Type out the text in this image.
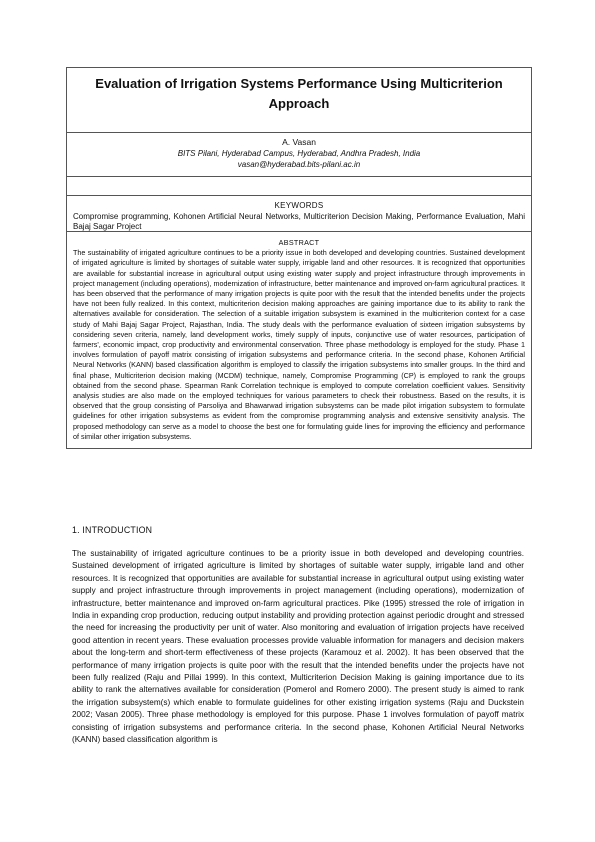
Evaluation of Irrigation Systems Performance Using Multicriterion Approach
A. Vasan
BITS Pilani, Hyderabad Campus, Hyderabad, Andhra Pradesh, India
vasan@hyderabad.bits-pilani.ac.in
KEYWORDS
Compromise programming, Kohonen Artificial Neural Networks, Multicriterion Decision Making, Performance Evaluation, Mahi Bajaj Sagar Project
ABSTRACT
The sustainability of irrigated agriculture continues to be a priority issue in both developed and developing countries. Sustained development of irrigated agriculture is limited by shortages of suitable water supply, irrigable land and other resources. It is recognized that opportunities are available for substantial increase in agricultural output using existing water supply and project infrastructure through improvements in project management (including operations), modernization of infrastructure, better maintenance and improved on-farm agricultural practices. It has been observed that the performance of many irrigation projects is quite poor with the result that the intended benefits under the projects have not been fully realized. In this context, multicriterion decision making approaches are gaining importance due to its ability to rank the alternatives available for consideration. The selection of a suitable irrigation subsystem is examined in the multicriterion context for a case study of Mahi Bajaj Sagar Project, Rajasthan, India. The study deals with the performance evaluation of sixteen irrigation subsystems by considering seven criteria, namely, land development works, timely supply of inputs, conjunctive use of water resources, participation of farmers', economic impact, crop productivity and environmental conservation. Three phase methodology is employed for the study. Phase 1 involves formulation of payoff matrix consisting of irrigation subsystems and performance criteria. In the second phase, Kohonen Artificial Neural Networks (KANN) based classification algorithm is employed to classify the irrigation subsystems into smaller groups. In the third and final phase, Multicriterion decision making (MCDM) technique, namely, Compromise Programming (CP) is employed to rank the groups obtained from the second phase. Spearman Rank Correlation technique is employed to compute correlation coefficient values. Sensitivity analysis studies are also made on the employed techniques for various parameters to check their robustness. Based on the results, it is observed that the group consisting of Parsoliya and Bhawarwad irrigation subsystems can be made pilot irrigation subsystem to formulate guidelines for other irrigation subsystems as evident from the compromise programming analysis and extensive sensitivity analysis. The proposed methodology can serve as a model to choose the best one for formulating guide lines for improving the efficiency and performance of similar other irrigation subsystems.
1. INTRODUCTION
The sustainability of irrigated agriculture continues to be a priority issue in both developed and developing countries. Sustained development of irrigated agriculture is limited by shortages of suitable water supply, irrigable land and other resources. It is recognized that opportunities are available for substantial increase in agricultural output using existing water supply and project infrastructure through improvements in project management (including operations), modernization of infrastructure, better maintenance and improved on-farm agricultural practices. Pike (1995) stressed the role of irrigation in India in expanding crop production, reducing output instability and providing protection against periodic drought and stressed the need for increasing the productivity per unit of water. Also monitoring and evaluation of irrigation projects have received good attention in recent years. These evaluation processes provide valuable information for managers and decision makers about the long-term and short-term effectiveness of these projects (Karamouz et al. 2002). It has been observed that the performance of many irrigation projects is quite poor with the result that the intended benefits under the projects have not been fully realized (Raju and Pillai 1999). In this context, Multicriterion Decision Making is gaining importance due to its ability to rank the alternatives available for consideration (Pomerol and Romero 2000). The present study is aimed to rank the irrigation subsystem(s) which enable to formulate guidelines for other existing irrigation systems (Raju and Duckstein 2002; Vasan 2005). Three phase methodology is employed for this purpose. Phase 1 involves formulation of payoff matrix consisting of irrigation subsystems and performance criteria. In the second phase, Kohonen Artificial Neural Networks (KANN) based classification algorithm is
